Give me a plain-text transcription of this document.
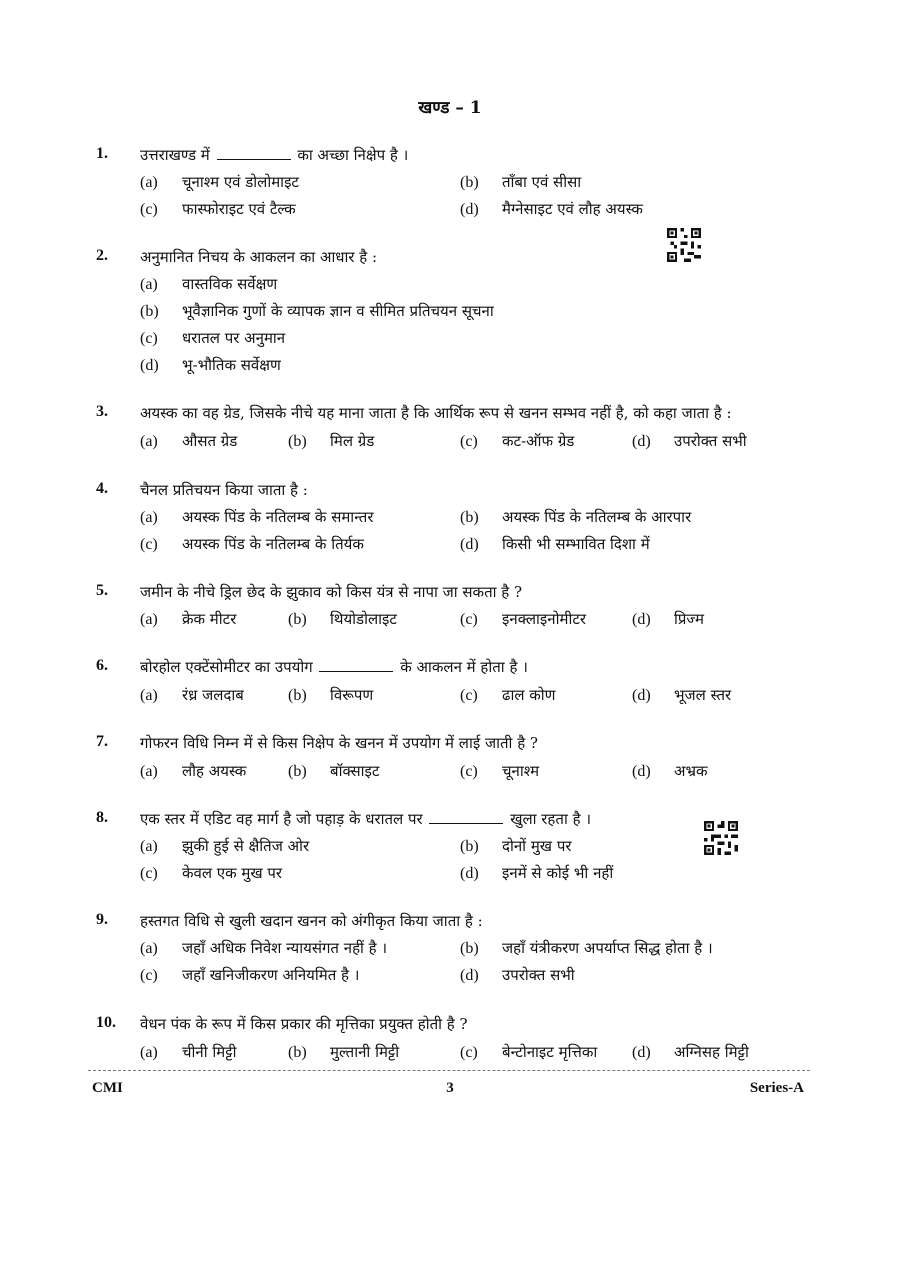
खण्ड – 1
1. उत्तराखण्ड में	का अच्छा निक्षेप है ।
(a) चूनाश्म एवं डोलोमाइट	(b) ताँबा एवं सीसा
(c) फास्फोराइट एवं टैल्क	(d) मैग्नेसाइट एवं लौह अयस्क
2. अनुमानित निचय के आकलन का आधार है :
(a) वास्तविक सर्वेक्षण
(b) भूवैज्ञानिक गुणों के व्यापक ज्ञान व सीमित प्रतिचयन सूचना
(c) धरातल पर अनुमान
(d) भू-भौतिक सर्वेक्षण
3. अयस्क का वह ग्रेड, जिसके नीचे यह माना जाता है कि आर्थिक रूप से खनन सम्भव नहीं है, को कहा जाता है :
(a) औसत ग्रेड	(b) मिल ग्रेड	(c) कट-ऑफ ग्रेड	(d) उपरोक्त सभी
4. चैनल प्रतिचयन किया जाता है :
(a) अयस्क पिंड के नतिलम्ब के समान्तर	(b) अयस्क पिंड के नतिलम्ब के आरपार
(c) अयस्क पिंड के नतिलम्ब के तिर्यक	(d) किसी भी सम्भावित दिशा में
5. जमीन के नीचे ड्रिल छेद के झुकाव को किस यंत्र से नापा जा सकता है ?
(a) क्रेक मीटर	(b) थियोडोलाइट	(c) इनक्लाइनोमीटर	(d) प्रिज्म
6. बोरहोल एक्टेंसोमीटर का उपयोग	के आकलन में होता है ।
(a) रंध्र जलदाब	(b) विरूपण	(c) ढाल कोण	(d) भूजल स्तर
7. गोफरन विधि निम्न में से किस निक्षेप के खनन में उपयोग में लाई जाती है ?
(a) लौह अयस्क	(b) बॉक्साइट	(c) चूनाश्म	(d) अभ्रक
8. एक स्तर में एडिट वह मार्ग है जो पहाड़ के धरातल पर	खुला रहता है ।
(a) झुकी हुई से क्षैतिज ओर	(b) दोनों मुख पर
(c) केवल एक मुख पर	(d) इनमें से कोई भी नहीं
9. हस्तगत विधि से खुली खदान खनन को अंगीकृत किया जाता है :
(a) जहाँ अधिक निवेश न्यायसंगत नहीं है ।	(b) जहाँ यंत्रीकरण अपर्याप्त सिद्ध होता है ।
(c) जहाँ खनिजीकरण अनियमित है ।	(d) उपरोक्त सभी
10. वेधन पंक के रूप में किस प्रकार की मृत्तिका प्रयुक्त होती है ?
(a) चीनी मिट्टी	(b) मुल्तानी मिट्टी	(c) बेन्टोनाइट मृत्तिका (d) अग्निसह मिट्टी
CMI	3	Series-A
